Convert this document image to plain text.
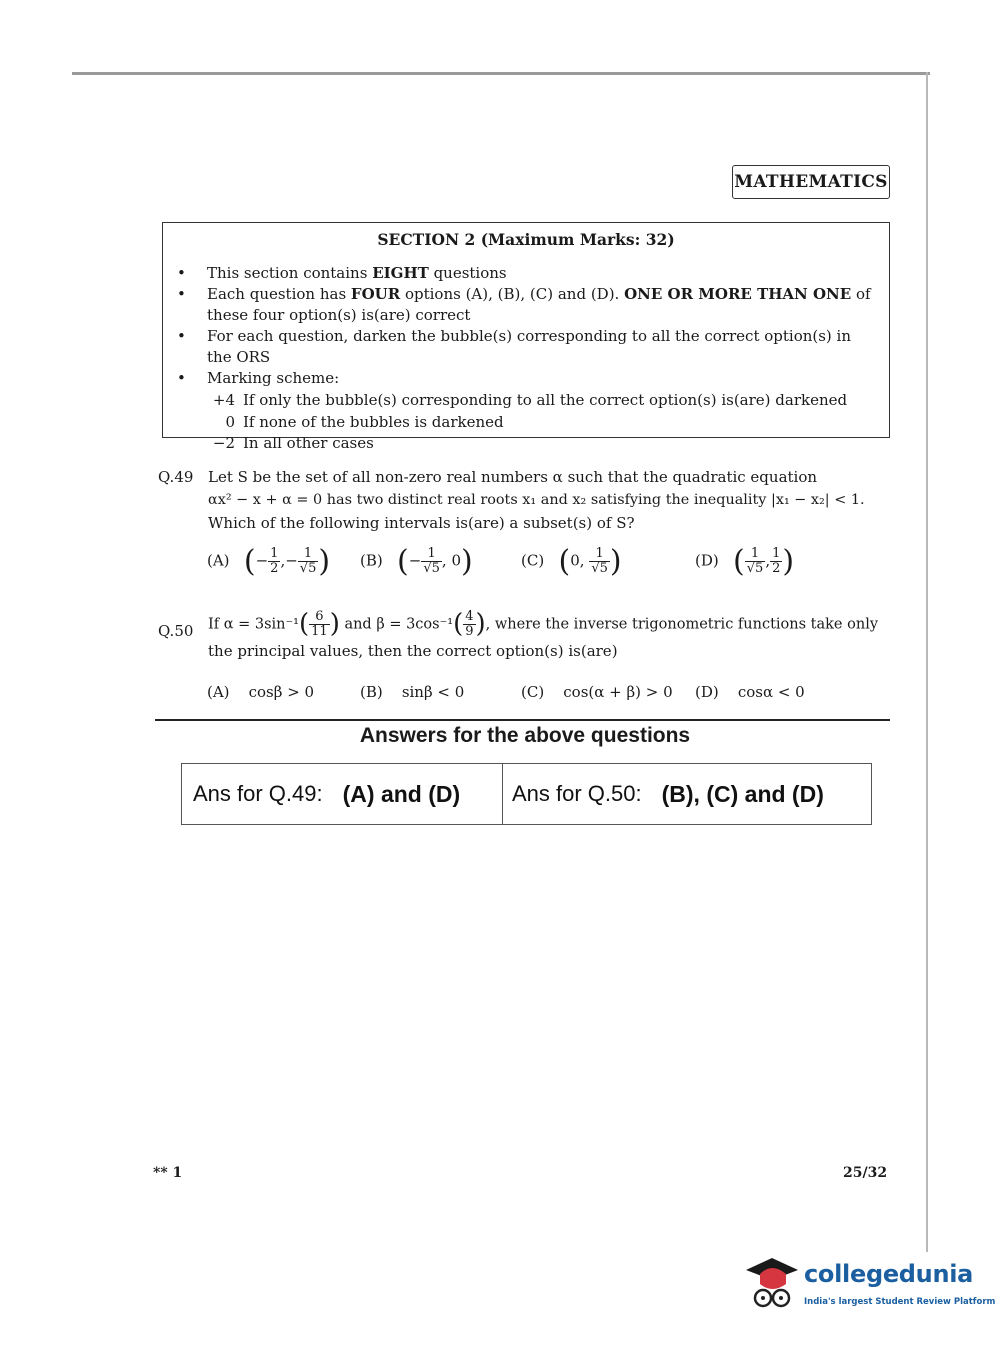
MATHEMATICS
SECTION 2 (Maximum Marks: 32)
•	This section contains EIGHT questions
•	Each question has FOUR options (A), (B), (C) and (D). ONE OR MORE THAN ONE of these four option(s) is(are) correct
•	For each question, darken the bubble(s) corresponding to all the correct option(s) in the ORS
•	Marking scheme:
+4 If only the bubble(s) corresponding to all the correct option(s) is(are) darkened
0 If none of the bubbles is darkened
−2 In all other cases
Q.49 Let S be the set of all non-zero real numbers α such that the quadratic equation
αx² − x + α = 0 has two distinct real roots x₁ and x₂ satisfying the inequality |x₁ − x₂| < 1.
Which of the following intervals is(are) a subset(s) of S?
(A) (− $\frac{1}{2}$ ,− $\frac{1}{√5}$ ) (B) (− $\frac{1}{√5}$ , 0)	(C) (0, $\frac{1}{√5}$ )	(D) ( $\frac{1}{√5}$ , $\frac{1}{2}$ )
Q.50 If $\alpha = 3\sin^{-1}( \frac{6}{11}$ ) and $\beta = 3\cos^{-1}( \frac{4}{9}$ ), where the inverse trigonometric functions take only
the principal values, then the correct option(s) is(are)
(A) cosβ > 0	(B) sinβ < 0	(C) cos(α + β) > 0 (D) cosα < 0
Answers for the above questions
Ans for Q.49: (A) and (D) Ans for Q.50: (B), (C) and (D)
** 1	25/32
collegedunia
India's largest Student Review Platform
